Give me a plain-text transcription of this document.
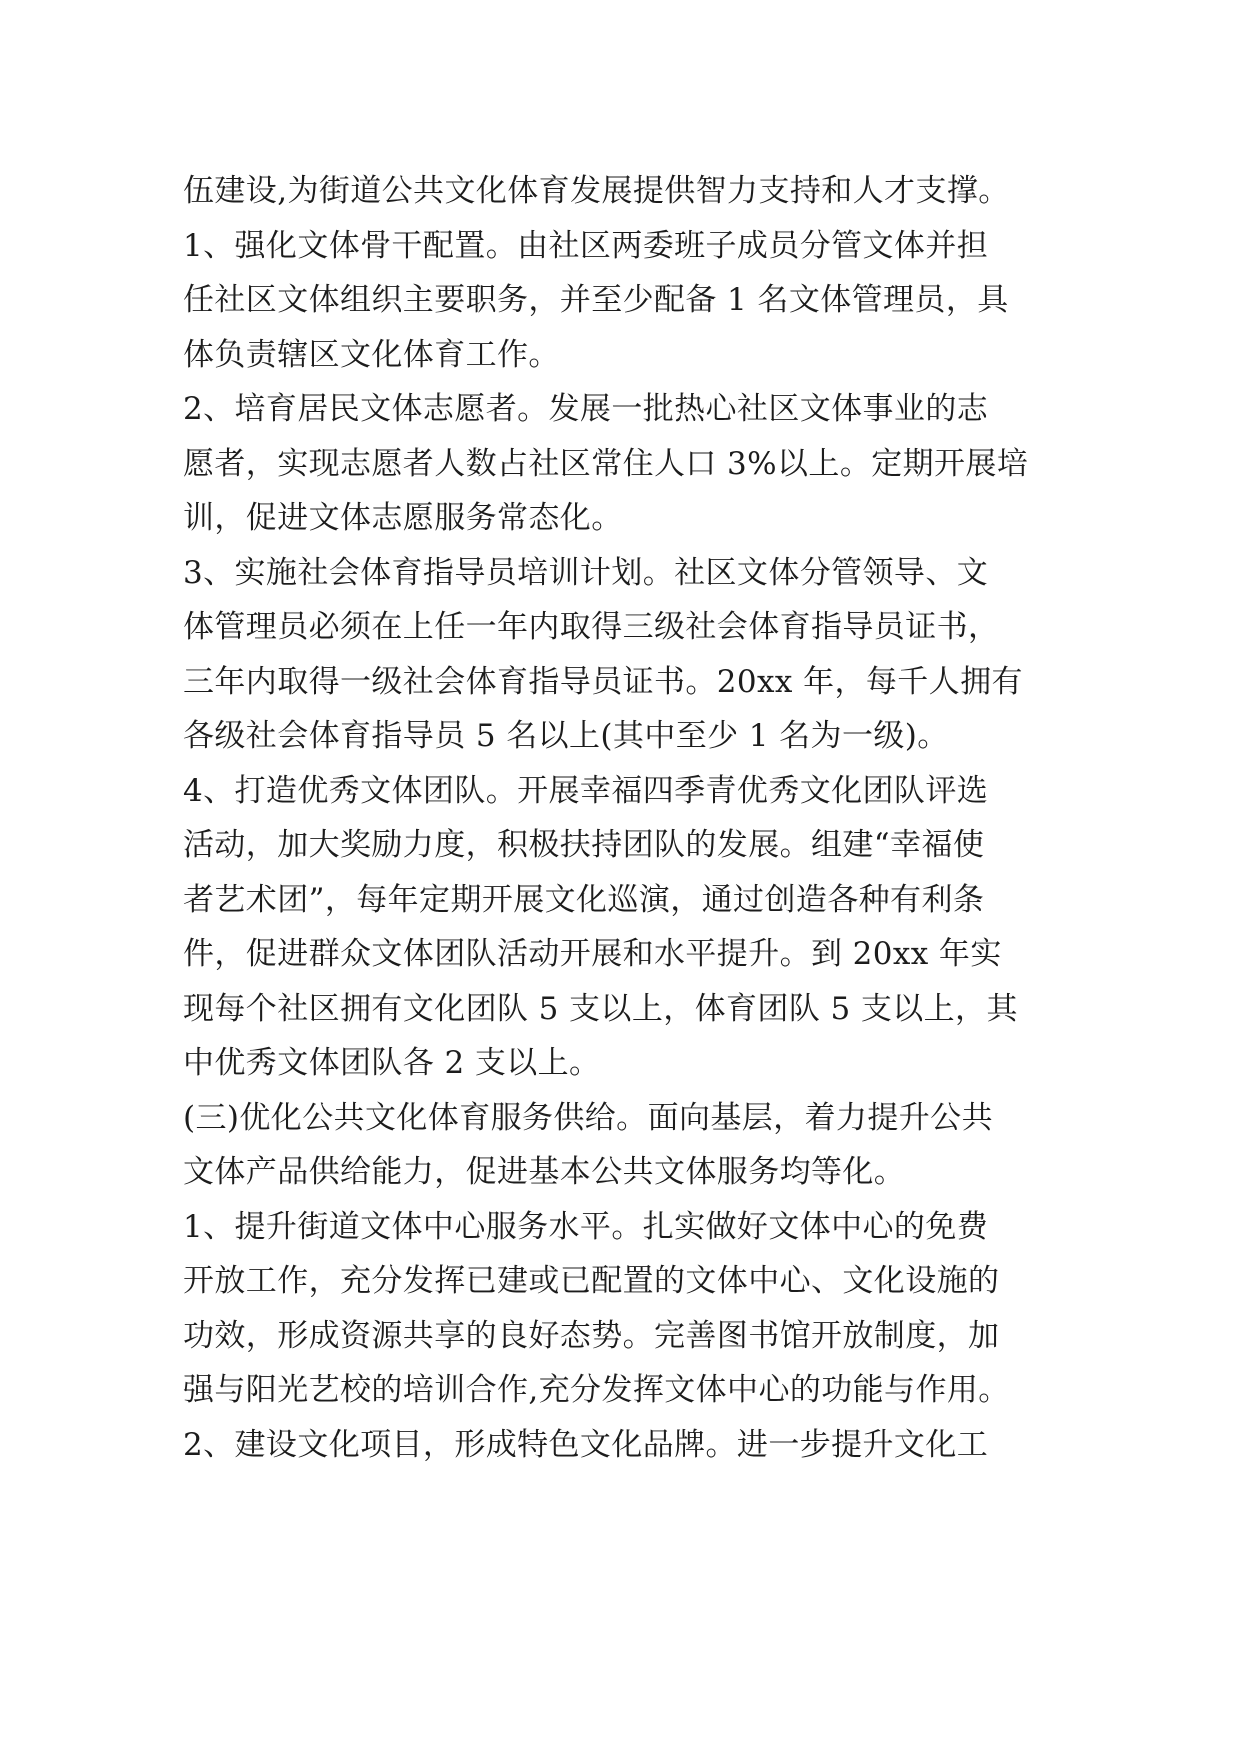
伍建设,为街道公共文化体育发展提供智力支持和人才支撑。
1、强化文体骨干配置。由社区两委班子成员分管文体并担
任社区文体组织主要职务，并至少配备 1 名文体管理员，具
体负责辖区文化体育工作。
2、培育居民文体志愿者。发展一批热心社区文体事业的志
愿者，实现志愿者人数占社区常住人口 3%以上。定期开展培
训，促进文体志愿服务常态化。
3、实施社会体育指导员培训计划。社区文体分管领导、文
体管理员必须在上任一年内取得三级社会体育指导员证书，
三年内取得一级社会体育指导员证书。20xx 年，每千人拥有
各级社会体育指导员 5 名以上(其中至少 1 名为一级)。
4、打造优秀文体团队。开展幸福四季青优秀文化团队评选
活动，加大奖励力度，积极扶持团队的发展。组建“幸福使
者艺术团”，每年定期开展文化巡演，通过创造各种有利条
件，促进群众文体团队活动开展和水平提升。到 20xx 年实
现每个社区拥有文化团队 5 支以上，体育团队 5 支以上，其
中优秀文体团队各 2 支以上。
(三)优化公共文化体育服务供给。面向基层，着力提升公共
文体产品供给能力，促进基本公共文体服务均等化。
1、提升街道文体中心服务水平。扎实做好文体中心的免费
开放工作，充分发挥已建或已配置的文体中心、文化设施的
功效，形成资源共享的良好态势。完善图书馆开放制度，加
强与阳光艺校的培训合作,充分发挥文体中心的功能与作用。
2、建设文化项目，形成特色文化品牌。进一步提升文化工
